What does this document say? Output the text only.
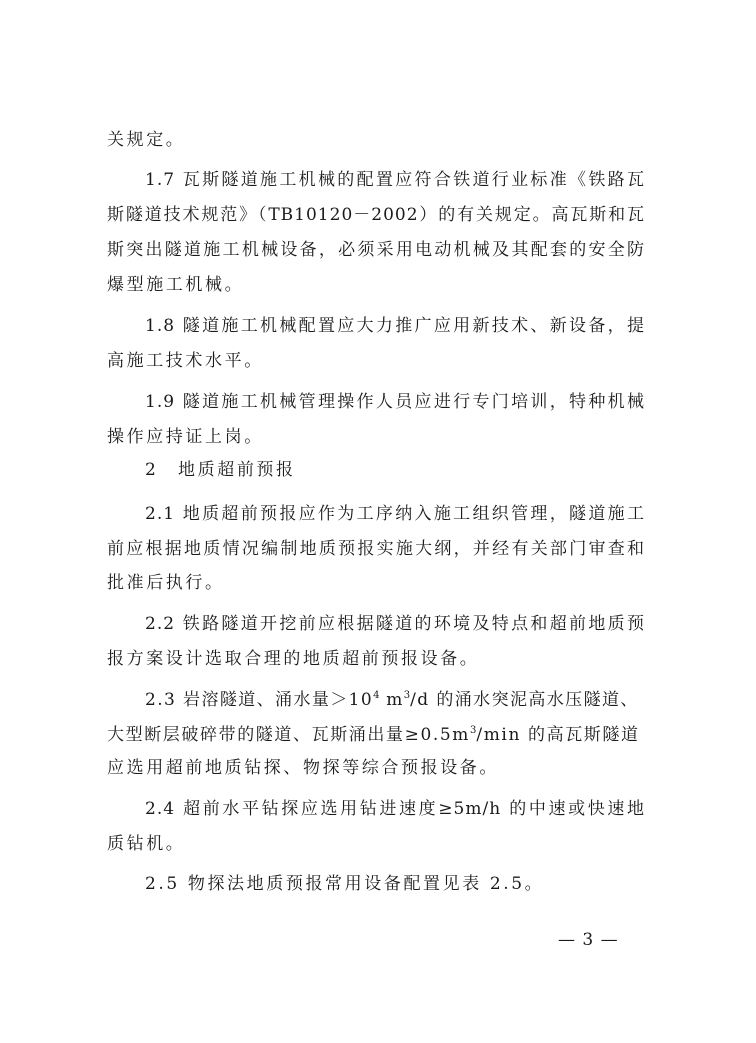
关规定。

1.7 瓦斯隧道施工机械的配置应符合铁道行业标准《铁路瓦

斯隧道技术规范》（TB10120－2002）的有关规定。高瓦斯和瓦

斯突出隧道施工机械设备，必须采用电动机械及其配套的安全防

爆型施工机械。

1.8 隧道施工机械配置应大力推广应用新技术、新设备，提

高施工技术水平。

1.9 隧道施工机械管理操作人员应进行专门培训，特种机械

操作应持证上岗。

2　地质超前预报

2.1 地质超前预报应作为工序纳入施工组织管理，隧道施工

前应根据地质情况编制地质预报实施大纲，并经有关部门审查和

批准后执行。

2.2 铁路隧道开挖前应根据隧道的环境及特点和超前地质预

报方案设计选取合理的地质超前预报设备。

2.3 岩溶隧道、涌水量$>10^4$ $m^3/d$ 的涌水突泥高水压隧道、

大型断层破碎带的隧道、瓦斯涌出量$\ge 0.5m^3/\min$ 的高瓦斯隧道

应选用超前地质钻探、物探等综合预报设备。

2.4 超前水平钻探应选用钻进速度≥5m/h 的中速或快速地

质钻机。

2.5 物探法地质预报常用设备配置见表 2.5。

— 3 —
